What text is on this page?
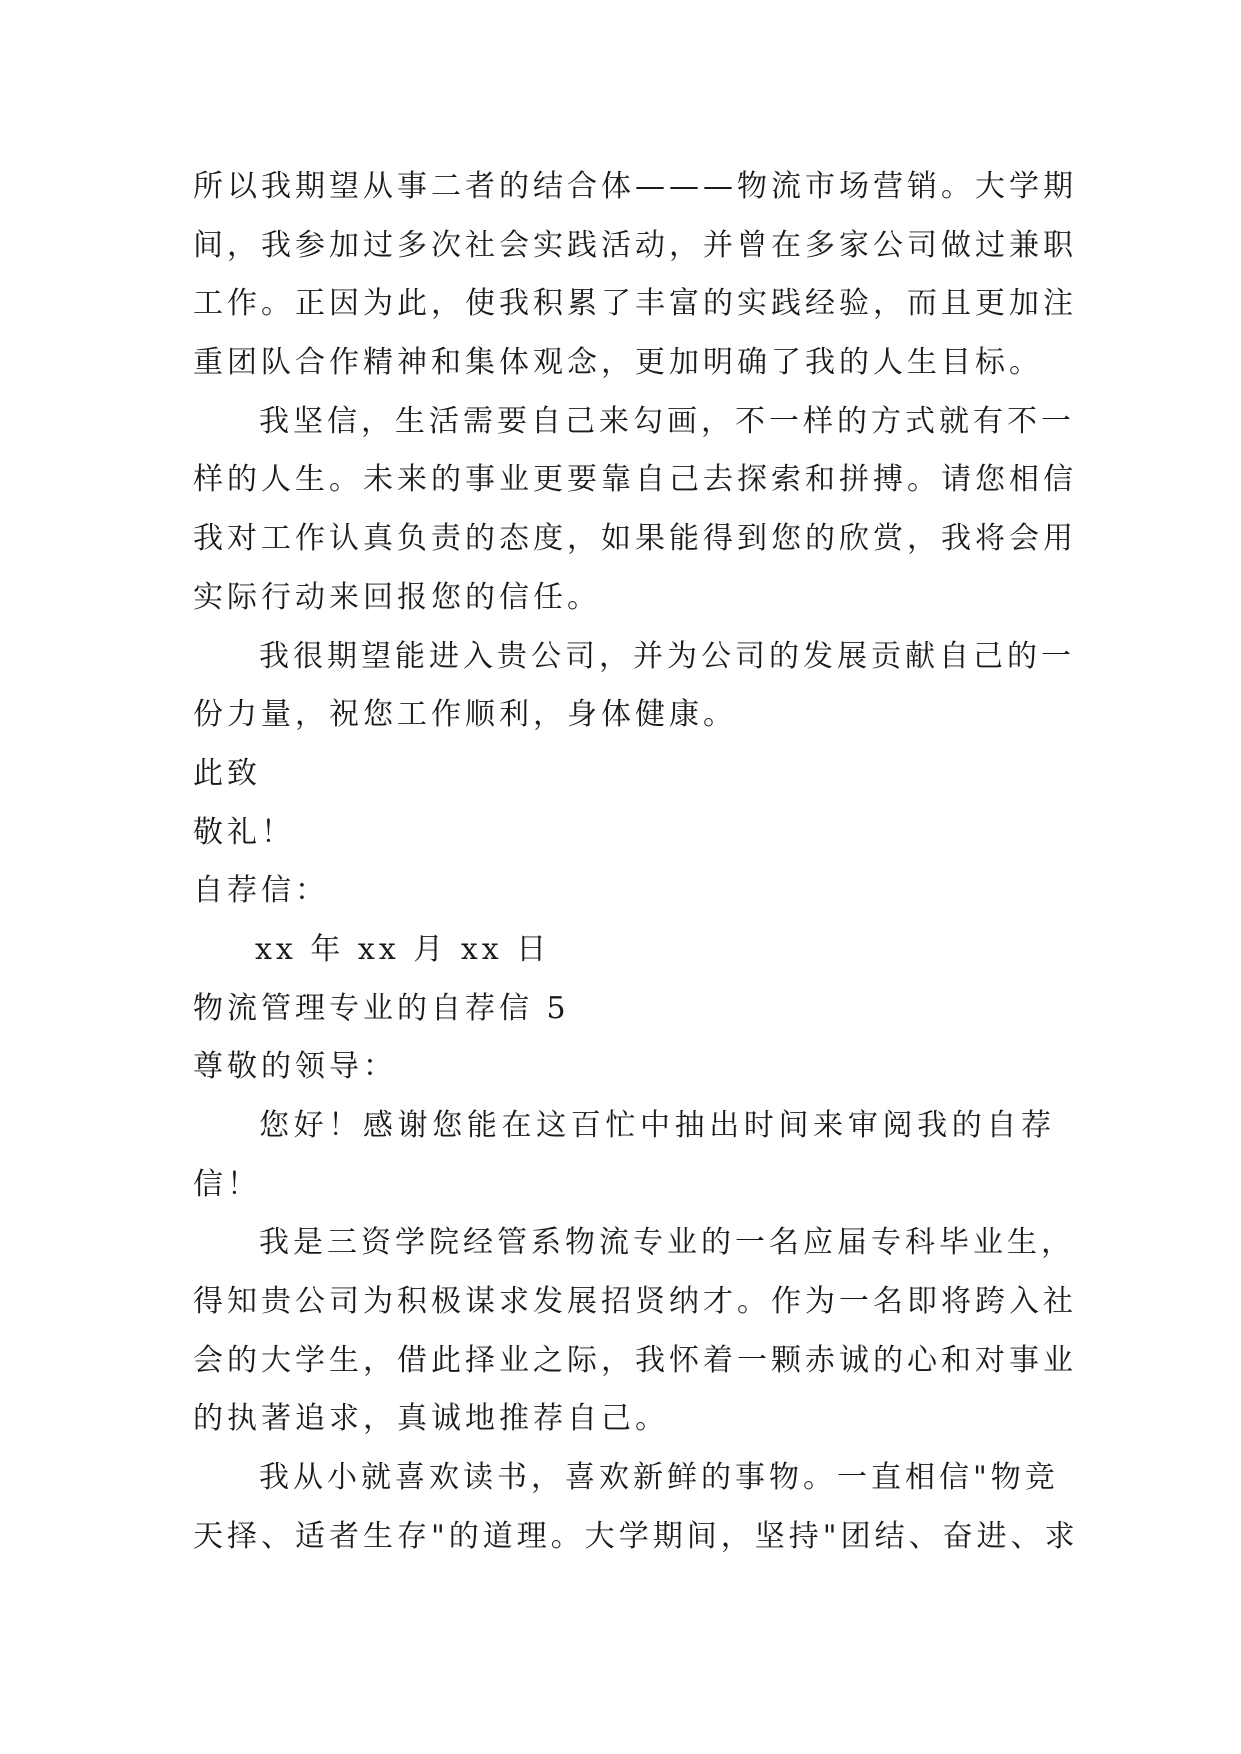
所以我期望从事二者的结合体———物流市场营销。大学期
间，我参加过多次社会实践活动，并曾在多家公司做过兼职
工作。正因为此，使我积累了丰富的实践经验，而且更加注
重团队合作精神和集体观念，更加明确了我的人生目标。
我坚信，生活需要自己来勾画，不一样的方式就有不一
样的人生。未来的事业更要靠自己去探索和拼搏。请您相信
我对工作认真负责的态度，如果能得到您的欣赏，我将会用
实际行动来回报您的信任。
我很期望能进入贵公司，并为公司的发展贡献自己的一
份力量，祝您工作顺利，身体健康。
此致
敬礼！
自荐信：
xx 年 xx 月 xx 日
物流管理专业的自荐信 5
尊敬的领导：
您好！感谢您能在这百忙中抽出时间来审阅我的自荐
信！
我是三资学院经管系物流专业的一名应届专科毕业生，
得知贵公司为积极谋求发展招贤纳才。作为一名即将跨入社
会的大学生，借此择业之际，我怀着一颗赤诚的心和对事业
的执著追求，真诚地推荐自己。
我从小就喜欢读书，喜欢新鲜的事物。一直相信"物竞
天择、适者生存"的道理。大学期间，坚持"团结、奋进、求
